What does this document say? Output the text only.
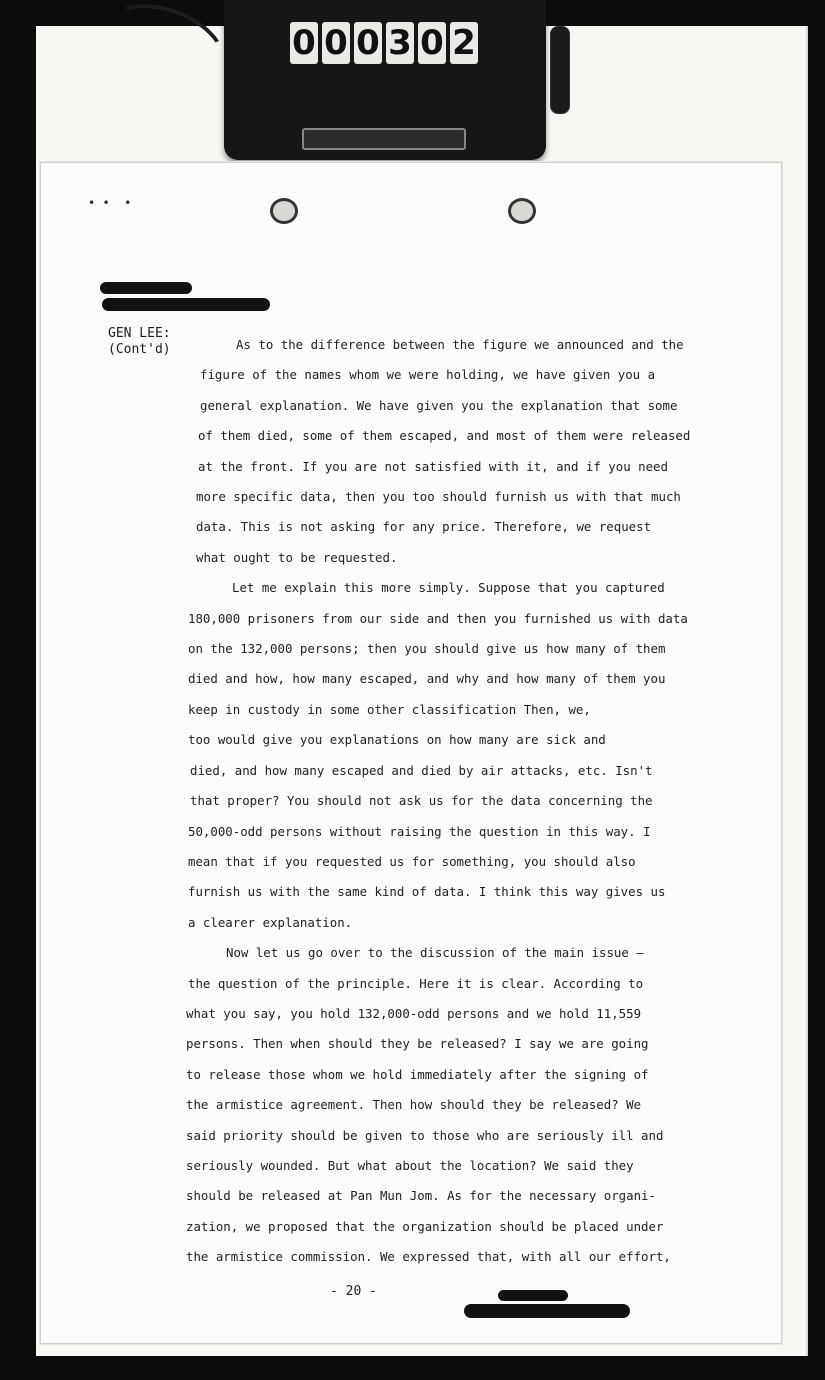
0 0 0 3 0 2
• •  •
GEN LEE:
(Cont'd)	As to the difference between the figure we announced and the
figure of the names whom we were holding, we have given you a
general explanation. We have given you the explanation that some
of them died, some of them escaped, and most of them were released
at the front. If you are not satisfied with it, and if you need
more specific data, then you too should furnish us with that much
data. This is not asking for any price. Therefore, we request
what ought to be requested.

Let me explain this more simply. Suppose that you captured
180,000 prisoners from our side and then you furnished us with data
on the 132,000 persons; then you should give us how many of them
died and how, how many escaped, and why and how many of them you
keep in custody in some other classification Then, we,
too would give you explanations on how many are sick and
died, and how many escaped and died by air attacks, etc. Isn't
that proper? You should not ask us for the data concerning the
50,000-odd persons without raising the question in this way. I
mean that if you requested us for something, you should also
furnish us with the same kind of data. I think this way gives us
a clearer explanation.

Now let us go over to the discussion of the main issue —
the question of the principle. Here it is clear. According to
what you say, you hold 132,000-odd persons and we hold 11,559
persons. Then when should they be released? I say we are going
to release those whom we hold immediately after the signing of
the armistice agreement. Then how should they be released? We
said priority should be given to those who are seriously ill and
seriously wounded. But what about the location? We said they
should be released at Pan Mun Jom. As for the necessary organi-
zation, we proposed that the organization should be placed under
the armistice commission. We expressed that, with all our effort,

- 20 -
